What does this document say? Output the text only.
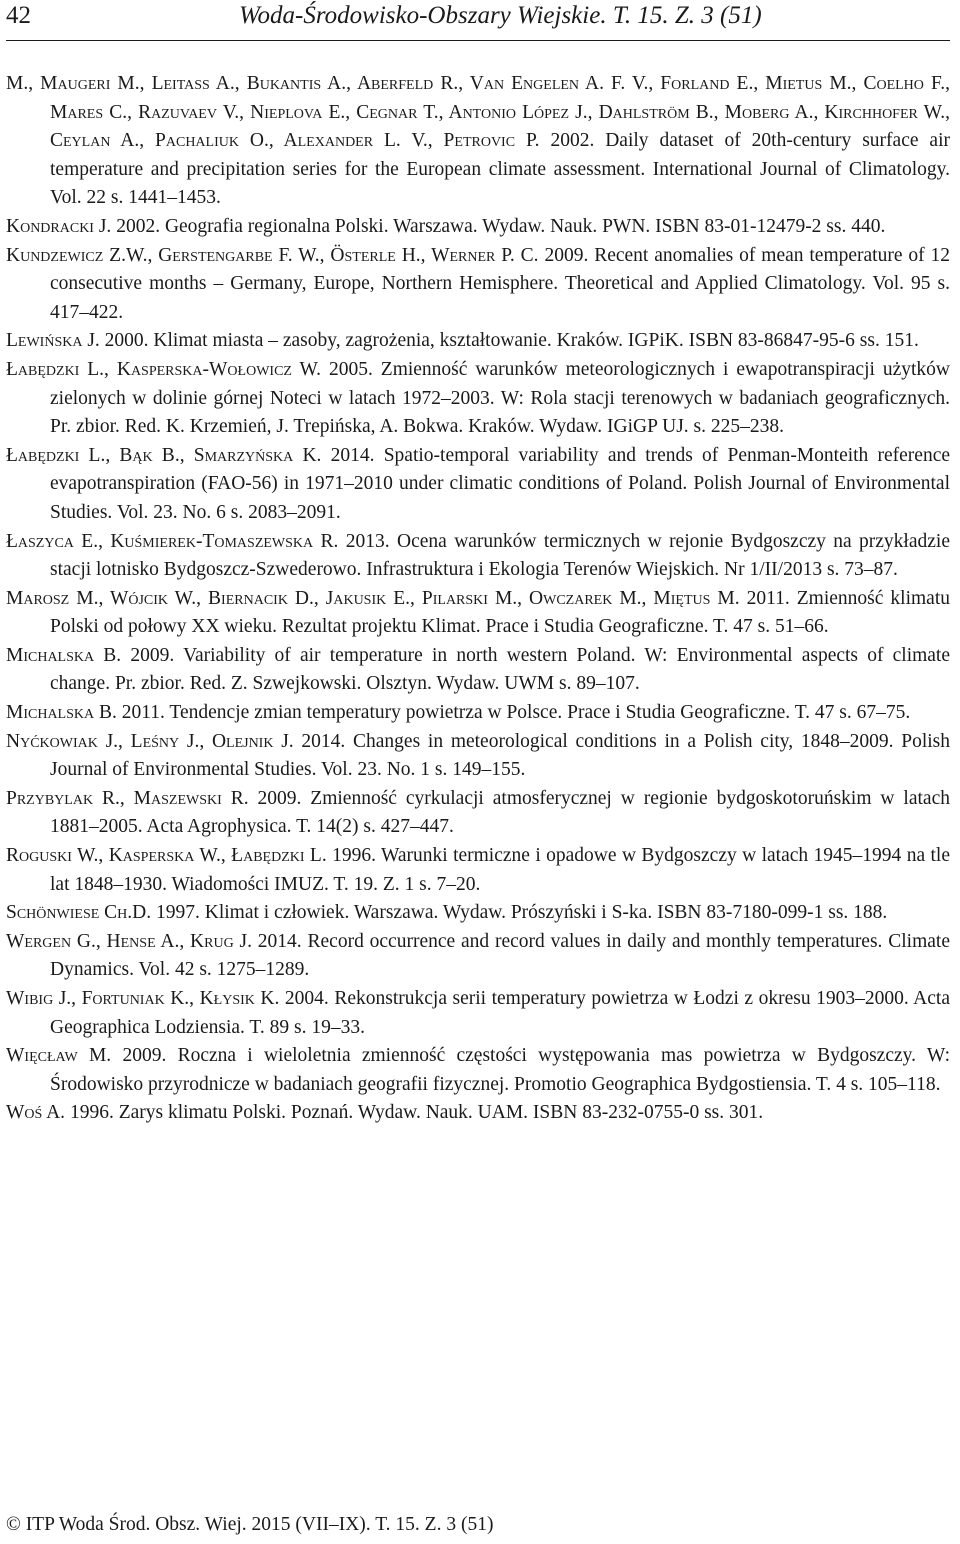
42	Woda-Środowisko-Obszary Wiejskie. T. 15. Z. 3 (51)

M., Maugeri M., Leitass A., Bukantis A., Aberfeld R., Van Engelen A. F. V., Forland E., Mietus M., Coelho F., Mares C., Razuvaev V., Nieplova E., Cegnar T., Antonio López J., Dahlström B., Moberg A., Kirchhofer W., Ceylan A., Pachaliuk O., Alexander L. V., Petrovic P. 2002. Daily dataset of 20th-century surface air temperature and precipitation series for the European climate assessment. International Journal of Climatology. Vol. 22 s. 1441–1453.

Kondracki J. 2002. Geografia regionalna Polski. Warszawa. Wydaw. Nauk. PWN. ISBN 83-01-12479-2 ss. 440.

Kundzewicz Z.W., Gerstengarbe F. W., Österle H., Werner P. C. 2009. Recent anomalies of mean temperature of 12 consecutive months – Germany, Europe, Northern Hemisphere. Theoretical and Applied Climatology. Vol. 95 s. 417–422.

Lewińska J. 2000. Klimat miasta – zasoby, zagrożenia, kształtowanie. Kraków. IGPiK. ISBN 83-86847-95-6 ss. 151.

Łabędzki L., Kasperska-Wołowicz W. 2005. Zmienność warunków meteorologicznych i ewapotranspiracji użytków zielonych w dolinie górnej Noteci w latach 1972–2003. W: Rola stacji terenowych w badaniach geograficznych. Pr. zbior. Red. K. Krzemień, J. Trepińska, A. Bokwa. Kraków. Wydaw. IGiGP UJ. s. 225–238.

Łabędzki L., Bąk B., Smarzyńska K. 2014. Spatio-temporal variability and trends of Penman-Monteith reference evapotranspiration (FAO-56) in 1971–2010 under climatic conditions of Poland. Polish Journal of Environmental Studies. Vol. 23. No. 6 s. 2083–2091.

Łaszyca E., Kuśmierek-Tomaszewska R. 2013. Ocena warunków termicznych w rejonie Bydgoszczy na przykładzie stacji lotnisko Bydgoszcz-Szwederowo. Infrastruktura i Ekologia Terenów Wiejskich. Nr 1/II/2013 s. 73–87.

Marosz M., Wójcik W., Biernacik D., Jakusik E., Pilarski M., Owczarek M., Miętus M. 2011. Zmienność klimatu Polski od połowy XX wieku. Rezultat projektu Klimat. Prace i Studia Geograficzne. T. 47 s. 51–66.

Michalska B. 2009. Variability of air temperature in north western Poland. W: Environmental aspects of climate change. Pr. zbior. Red. Z. Szwejkowski. Olsztyn. Wydaw. UWM s. 89–107.

Michalska B. 2011. Tendencje zmian temperatury powietrza w Polsce. Prace i Studia Geograficzne. T. 47 s. 67–75.

Nyćkowiak J., Leśny J., Olejnik J. 2014. Changes in meteorological conditions in a Polish city, 1848–2009. Polish Journal of Environmental Studies. Vol. 23. No. 1 s. 149–155.

Przybylak R., Maszewski R. 2009. Zmienność cyrkulacji atmosferycznej w regionie bydgoskotoruńskim w latach 1881–2005. Acta Agrophysica. T. 14(2) s. 427–447.

Roguski W., Kasperska W., Łabędzki L. 1996. Warunki termiczne i opadowe w Bydgoszczy w latach 1945–1994 na tle lat 1848–1930. Wiadomości IMUZ. T. 19. Z. 1 s. 7–20.

Schönwiese Ch.D. 1997. Klimat i człowiek. Warszawa. Wydaw. Prószyński i S-ka. ISBN 83-7180-099-1 ss. 188.

Wergen G., Hense A., Krug J. 2014. Record occurrence and record values in daily and monthly temperatures. Climate Dynamics. Vol. 42 s. 1275–1289.

Wibig J., Fortuniak K., Kłysik K. 2004. Rekonstrukcja serii temperatury powietrza w Łodzi z okresu 1903–2000. Acta Geographica Lodziensia. T. 89 s. 19–33.

Więcław M. 2009. Roczna i wieloletnia zmienność częstości występowania mas powietrza w Bydgoszczy. W: Środowisko przyrodnicze w badaniach geografii fizycznej. Promotio Geographica Bydgostiensia. T. 4 s. 105–118.

Woś A. 1996. Zarys klimatu Polski. Poznań. Wydaw. Nauk. UAM. ISBN 83-232-0755-0 ss. 301.

© ITP Woda Środ. Obsz. Wiej. 2015 (VII–IX). T. 15. Z. 3 (51)
